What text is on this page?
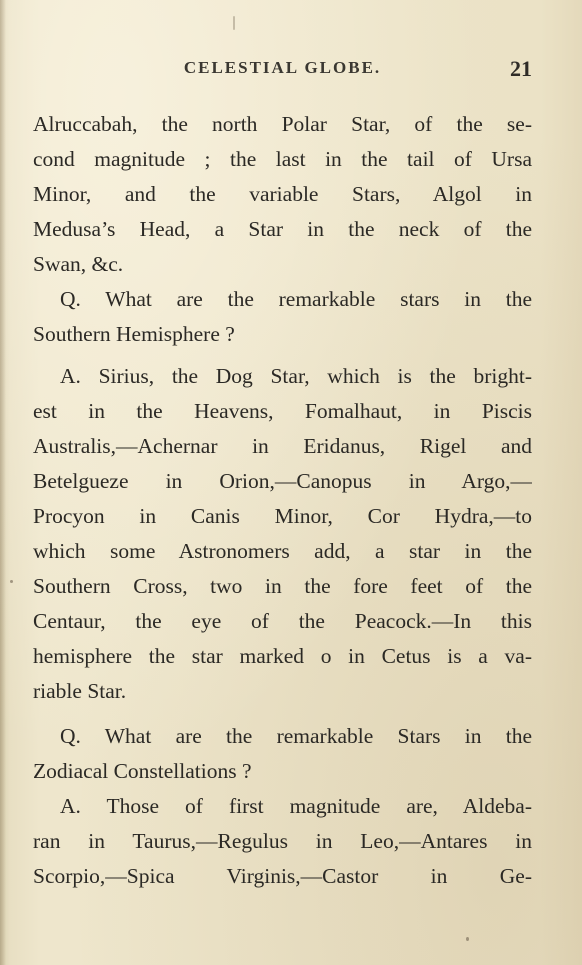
CELESTIAL GLOBE.	21
Alruccabah, the north Polar Star, of the se-
cond magnitude ; the last in the tail of Ursa
Minor, and the variable Stars, Algol in
Medusa’s Head, a Star in the neck of the
Swan, &c.
Q. What are the remarkable stars in the
Southern Hemisphere ?
A. Sirius, the Dog Star, which is the bright-
est in the Heavens, Fomalhaut, in Piscis
Australis,—Achernar in Eridanus, Rigel and
Betelgueze in Orion,—Canopus in Argo,—
Procyon in Canis Minor, Cor Hydra,—to
which some Astronomers add, a star in the
Southern Cross, two in the fore feet of the
Centaur, the eye of the Peacock.—In this
hemisphere the star marked ο in Cetus is a va-
riable Star.
Q. What are the remarkable Stars in the
Zodiacal Constellations ?
A. Those of first magnitude are, Aldeba-
ran in Taurus,—Regulus in Leo,—Antares in
Scorpio,—Spica Virginis,—Castor in Ge-
